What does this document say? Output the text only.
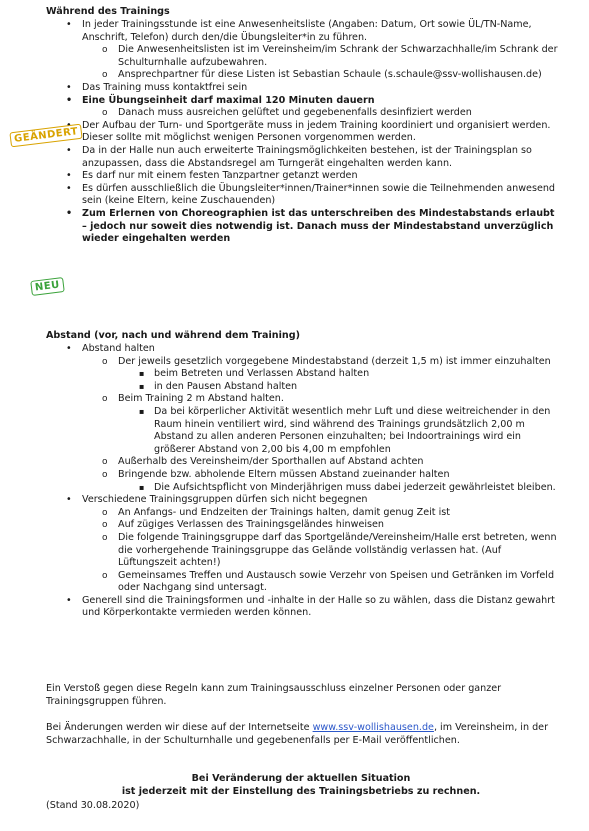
Während des Trainings
• In jeder Trainingsstunde ist eine Anwesenheitsliste (Angaben: Datum, Ort sowie ÜL/TN-Name, Anschrift, Telefon) durch den/die Übungsleiter*in zu führen.
o Die Anwesenheitslisten ist im Vereinsheim/im Schrank der Schwarzachhalle/im Schrank der Schulturnhalle aufzubewahren.
o Ansprechpartner für diese Listen ist Sebastian Schaule (s.schaule@ssv-wollishausen.de)
• Das Training muss kontaktfrei sein
• Eine Übungseinheit darf maximal 120 Minuten dauern
o Danach muss ausreichen gelüftet und gegebenenfalls desinfiziert werden
• Der Aufbau der Turn- und Sportgeräte muss in jedem Training koordiniert und organisiert werden. Dieser sollte mit möglichst wenigen Personen vorgenommen werden.
• Da in der Halle nun auch erweiterte Trainingsmöglichkeiten bestehen, ist der Trainingsplan so anzupassen, dass die Abstandsregel am Turngerät eingehalten werden kann.
• Es darf nur mit einem festen Tanzpartner getanzt werden
• Es dürfen ausschließlich die Übungsleiter*innen/Trainer*innen sowie die Teilnehmenden anwesend sein (keine Eltern, keine Zuschauenden)
• Zum Erlernen von Choreographien ist das unterschreiben des Mindestabstands erlaubt – jedoch nur soweit dies notwendig ist. Danach muss der Mindestabstand unverzüglich wieder eingehalten werden
GEÄNDERT
NEU
Abstand (vor, nach und während dem Training)
• Abstand halten
o Der jeweils gesetzlich vorgegebene Mindestabstand (derzeit 1,5 m) ist immer einzuhalten
▪ beim Betreten und Verlassen Abstand halten
▪ in den Pausen Abstand halten
o Beim Training 2 m Abstand halten.
▪ Da bei körperlicher Aktivität wesentlich mehr Luft und diese weitreichender in den Raum hinein ventiliert wird, sind während des Trainings grundsätzlich 2,00 m Abstand zu allen anderen Personen einzuhalten; bei Indoortrainings wird ein größerer Abstand von 2,00 bis 4,00 m empfohlen
o Außerhalb des Vereinsheim/der Sporthallen auf Abstand achten
o Bringende bzw. abholende Eltern müssen Abstand zueinander halten
▪ Die Aufsichtspflicht von Minderjährigen muss dabei jederzeit gewährleistet bleiben.
• Verschiedene Trainingsgruppen dürfen sich nicht begegnen
o An Anfangs- und Endzeiten der Trainings halten, damit genug Zeit ist
o Auf zügiges Verlassen des Trainingsgeländes hinweisen
o Die folgende Trainingsgruppe darf das Sportgelände/Vereinsheim/Halle erst betreten, wenn die vorhergehende Trainingsgruppe das Gelände vollständig verlassen hat. (Auf Lüftungszeit achten!)
o Gemeinsames Treffen und Austausch sowie Verzehr von Speisen und Getränken im Vorfeld oder Nachgang sind untersagt.
• Generell sind die Trainingsformen und -inhalte in der Halle so zu wählen, dass die Distanz gewahrt und Körperkontakte vermieden werden können.
Ein Verstoß gegen diese Regeln kann zum Trainingsausschluss einzelner Personen oder ganzer Trainingsgruppen führen.
Bei Änderungen werden wir diese auf der Internetseite www.ssv-wollishausen.de, im Vereinsheim, in der Schwarzachhalle, in der Schulturnhalle und gegebenenfalls per E-Mail veröffentlichen.
Bei Veränderung der aktuellen Situation
ist jederzeit mit der Einstellung des Trainingsbetriebs zu rechnen.
(Stand 30.08.2020)
